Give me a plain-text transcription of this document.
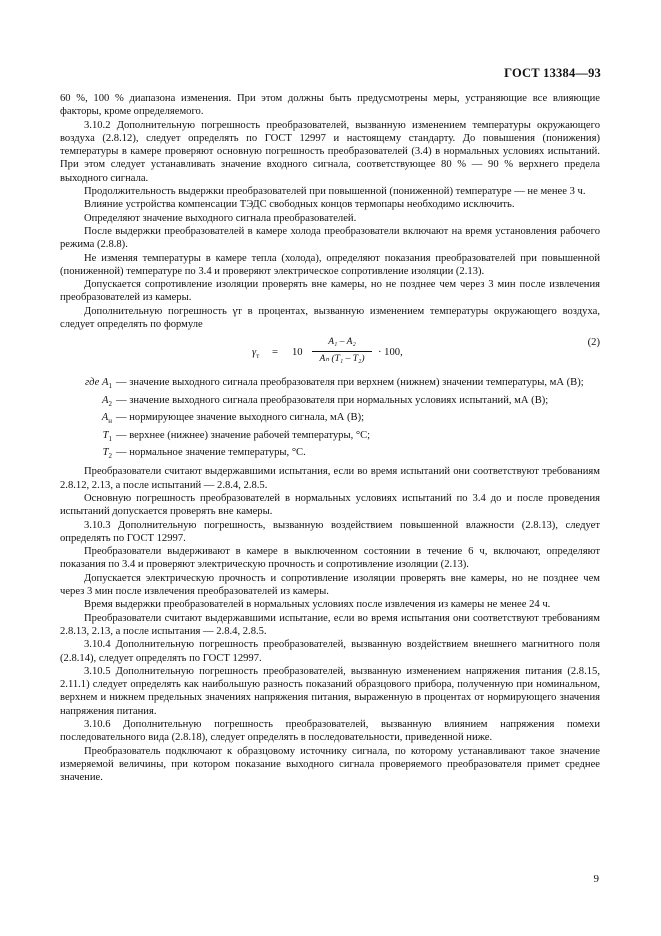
ГОСТ 13384—93

60 %, 100 % диапазона изменения. При этом должны быть предусмотрены меры, устраняющие все влияющие факторы, кроме определяемого.

3.10.2 Дополнительную погрешность преобразователей, вызванную изменением температуры окружающего воздуха (2.8.12), следует определять по ГОСТ 12997 и настоящему стандарту. До повышения (понижения) температуры в камере проверяют основную погрешность преобразователей (3.4) в нормальных условиях испытаний. При этом следует устанавливать значение входного сигнала, соответствующее 80 % — 90 % верхнего предела выходного сигнала.

Продолжительность выдержки преобразователей при повышенной (пониженной) температуре — не менее 3 ч.

Влияние устройства компенсации ТЭДС свободных концов термопары необходимо исключить.

Определяют значение выходного сигнала преобразователей.

После выдержки преобразователей в камере холода преобразователи включают на время установления рабочего режима (2.8.8).

Не изменяя температуры в камере тепла (холода), определяют показания преобразователей при повышенной (пониженной) температуре по 3.4 и проверяют электрическое сопротивление изоляции (2.13).

Допускается сопротивление изоляции проверять вне камеры, но не позднее чем через 3 мин после извлечения преобразователей из камеры.

Дополнительную погрешность γт в процентах, вызванную изменением температуры окружающего воздуха, следует определять по формуле

$\gamma_т = 10 \frac{\text{A₁ – A₂}}{\text{Aₙ (T₁ – T₂)}} \cdot 100$,
(2)
где $A_1$ — значение выходного сигнала преобразователя при верхнем (нижнем) значении температуры, мА (В);
$A_2$ — значение выходного сигнала преобразователя при нормальных условиях испытаний, мА (В);
$A_н$ — нормирующее значение выходного сигнала, мА (В);
$T_1$ — верхнее (нижнее) значение рабочей температуры, °С;
$T_2$ — нормальное значение температуры, °С.

Преобразователи считают выдержавшими испытания, если во время испытаний они соответствуют требованиям 2.8.12, 2.13, а после испытаний — 2.8.4, 2.8.5.

Основную погрешность преобразователей в нормальных условиях испытаний по 3.4 до и после проведения испытаний допускается проверять вне камеры.

3.10.3 Дополнительную погрешность, вызванную воздействием повышенной влажности (2.8.13), следует определять по ГОСТ 12997.

Преобразователи выдерживают в камере в выключенном состоянии в течение 6 ч, включают, определяют показания по 3.4 и проверяют электрическую прочность и сопротивление изоляции (2.13).

Допускается электрическую прочность и сопротивление изоляции проверять вне камеры, но не позднее чем через 3 мин после извлечения преобразователей из камеры.

Время выдержки преобразователей в нормальных условиях после извлечения из камеры не менее 24 ч.

Преобразователи считают выдержавшими испытание, если во время испытания они соответствуют требованиям 2.8.13, 2.13, а после испытания — 2.8.4, 2.8.5.

3.10.4 Дополнительную погрешность преобразователей, вызванную воздействием внешнего магнитного поля (2.8.14), следует определять по ГОСТ 12997.

3.10.5 Дополнительную погрешность преобразователей, вызванную изменением напряжения питания (2.8.15, 2.11.1) следует определять как наибольшую разность показаний образцового прибора, полученную при номинальном, верхнем и нижнем предельных значениях напряжения питания, выраженную в процентах от нормирующего значения напряжения питания.

3.10.6 Дополнительную погрешность преобразователей, вызванную влиянием напряжения помехи последовательного вида (2.8.18), следует определять в последовательности, приведенной ниже.

Преобразователь подключают к образцовому источнику сигнала, по которому устанавливают такое значение измеряемой величины, при котором показание выходного сигнала проверяемого преобразователя примет среднее значение.

9
